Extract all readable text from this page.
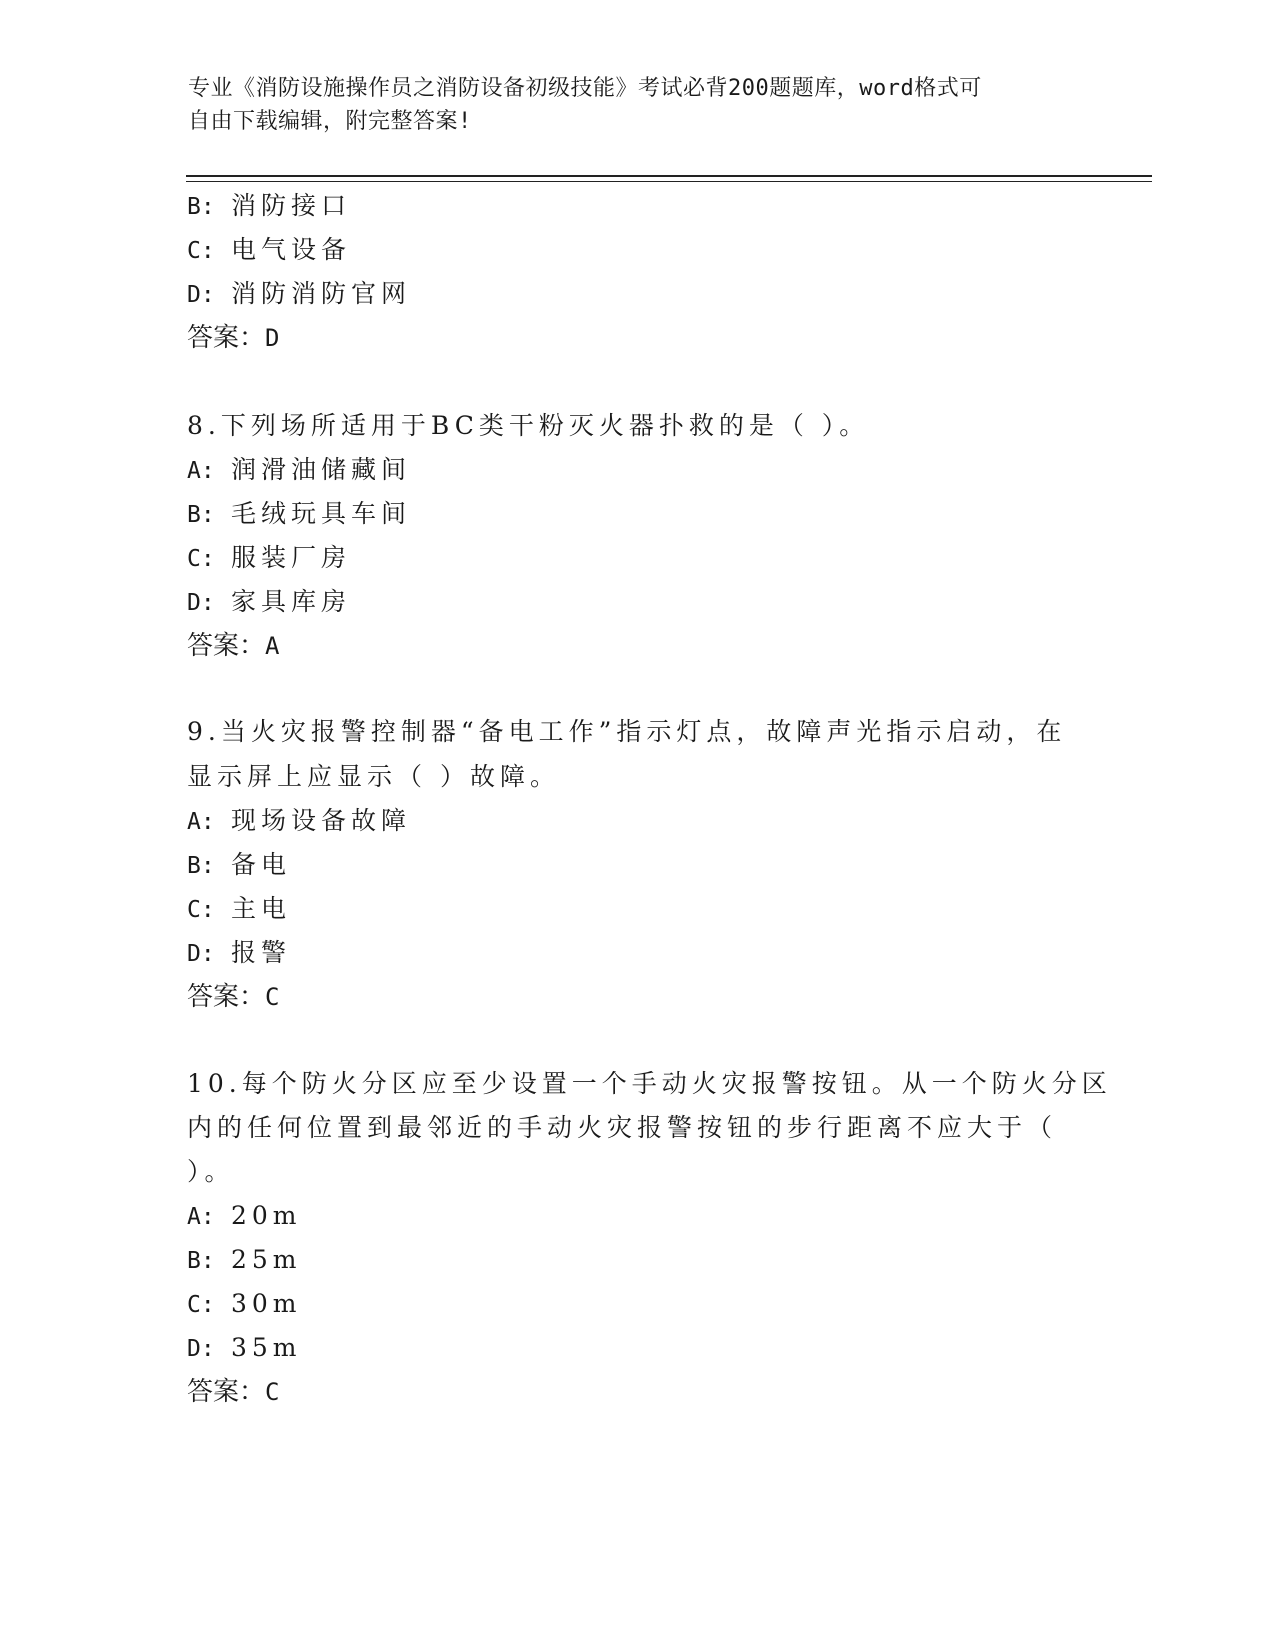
专业《消防设施操作员之消防设备初级技能》考试必背200题题库，word格式可
自由下载编辑，附完整答案!
B: 消防接口
C: 电气设备
D: 消防消防官网
答案：D
8.下列场所适用于BC类干粉灭火器扑救的是（ ）。
A: 润滑油储藏间
B: 毛绒玩具车间
C: 服装厂房
D: 家具库房
答案：A
9.当火灾报警控制器“备电工作”指示灯点，故障声光指示启动，在
显示屏上应显示（ ）故障。
A: 现场设备故障
B: 备电
C: 主电
D: 报警
答案：C
10.每个防火分区应至少设置一个手动火灾报警按钮。从一个防火分区
内的任何位置到最邻近的手动火灾报警按钮的步行距离不应大于（
）。
A: 20m
B: 25m
C: 30m
D: 35m
答案：C
